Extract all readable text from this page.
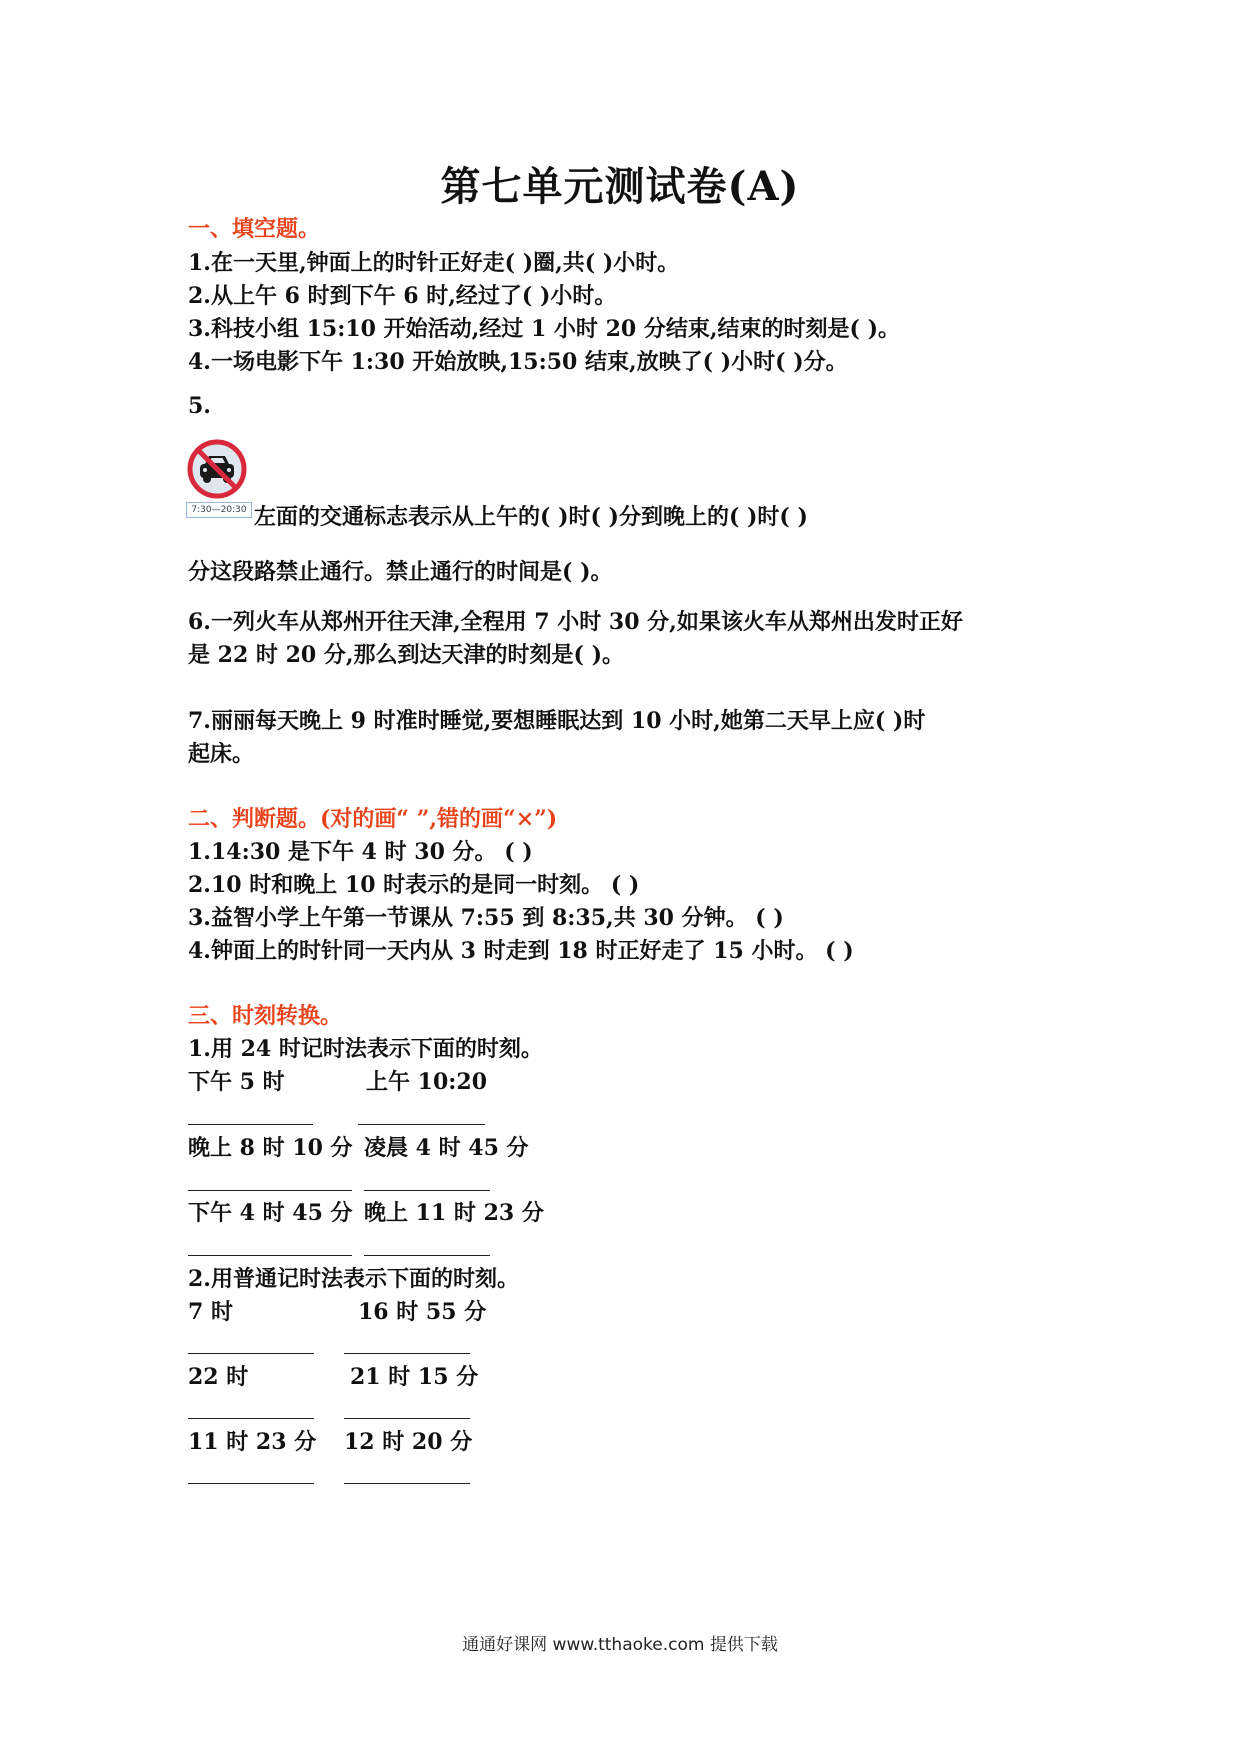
第七单元测试卷(A)
一、填空题。
1.在一天里,钟面上的时针正好走( )圈,共( )小时。
2.从上午 6 时到下午 6 时,经过了( )小时。
3.科技小组 15:10 开始活动,经过 1 小时 20 分结束,结束的时刻是( )。
4.一场电影下午 1:30 开始放映,15:50 结束,放映了( )小时( )分。
5.
7:30—20:30 左面的交通标志表示从上午的( )时( )分到晚上的( )时( )
分这段路禁止通行。禁止通行的时间是( )。
6.一列火车从郑州开往天津,全程用 7 小时 30 分,如果该火车从郑州出发时正好
是 22 时 20 分,那么到达天津的时刻是( )。
7.丽丽每天晚上 9 时准时睡觉,要想睡眠达到 10 小时,她第二天早上应( )时
起床。
二、判断题。(对的画“ ”,错的画“×”)
1.14:30 是下午 4 时 30 分。 ( )
2.10 时和晚上 10 时表示的是同一时刻。 ( )
3.益智小学上午第一节课从 7:55 到 8:35,共 30 分钟。 ( )
4.钟面上的时针同一天内从 3 时走到 18 时正好走了 15 小时。 ( )
三、时刻转换。
1.用 24 时记时法表示下面的时刻。
下午 5 时	上午 10:20
晚上 8 时 10 分 凌晨 4 时 45 分
下午 4 时 45 分 晚上 11 时 23 分
2.用普通记时法表示下面的时刻。
7 时	16 时 55 分
22 时	21 时 15 分
11 时 23 分 12 时 20 分
通通好课网 www.tthaoke.com 提供下载
